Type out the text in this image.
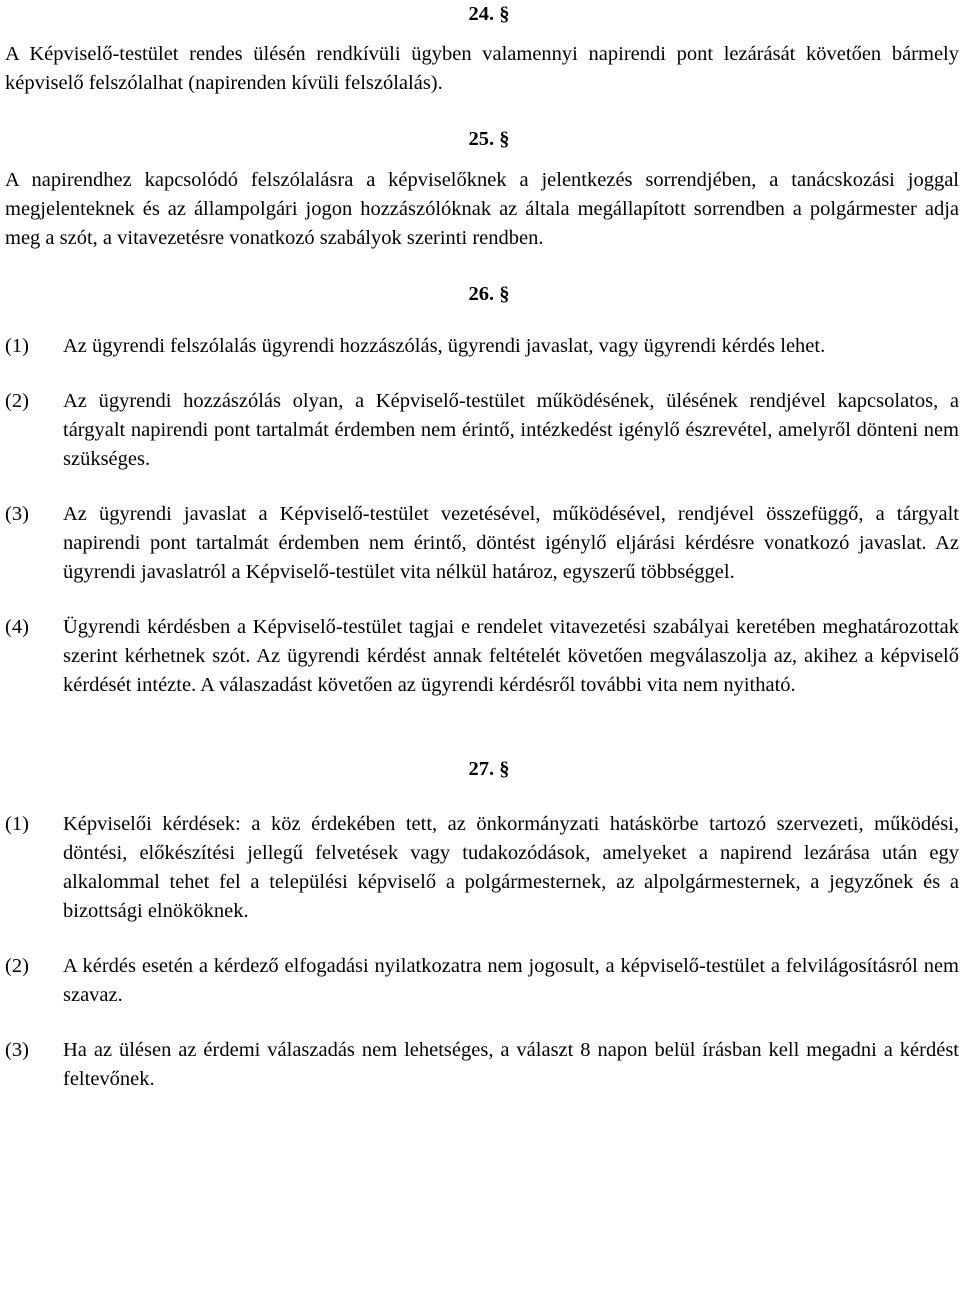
24. §

A Képviselő-testület rendes ülésén rendkívüli ügyben valamennyi napirendi pont lezárását követően bármely képviselő felszólalhat (napirenden kívüli felszólalás).

25. §

A napirendhez kapcsolódó felszólalásra a képviselőknek a jelentkezés sorrendjében, a tanácskozási joggal megjelenteknek és az állampolgári jogon hozzászólóknak az általa megállapított sorrendben a polgármester adja meg a szót, a vitavezetésre vonatkozó szabályok szerinti rendben.

26. §
(1)	Az ügyrendi felszólalás ügyrendi hozzászólás, ügyrendi javaslat, vagy ügyrendi kérdés lehet.
(2)	Az ügyrendi hozzászólás olyan, a Képviselő-testület működésének, ülésének rendjével kapcsolatos, a tárgyalt napirendi pont tartalmát érdemben nem érintő, intézkedést igénylő észrevétel, amelyről dönteni nem szükséges.
(3)	Az ügyrendi javaslat a Képviselő-testület vezetésével, működésével, rendjével összefüggő, a tárgyalt napirendi pont tartalmát érdemben nem érintő, döntést igénylő eljárási kérdésre vonatkozó javaslat. Az ügyrendi javaslatról a Képviselő-testület vita nélkül határoz, egyszerű többséggel.
(4)	Ügyrendi kérdésben a Képviselő-testület tagjai e rendelet vitavezetési szabályai keretében meghatározottak szerint kérhetnek szót. Az ügyrendi kérdést annak feltételét követően megválaszolja az, akihez a képviselő kérdését intézte. A válaszadást követően az ügyrendi kérdésről további vita nem nyitható.
27. §
(1)	Képviselői kérdések: a köz érdekében tett, az önkormányzati hatáskörbe tartozó szervezeti, működési, döntési, előkészítési jellegű felvetések vagy tudakozódások, amelyeket a napirend lezárása után egy alkalommal tehet fel a települési képviselő a polgármesternek, az alpolgármesternek, a jegyzőnek és a bizottsági elnököknek.
(2)	A kérdés esetén a kérdező elfogadási nyilatkozatra nem jogosult, a képviselő-testület a felvilágosításról nem szavaz.
(3)	Ha az ülésen az érdemi válaszadás nem lehetséges, a választ 8 napon belül írásban kell megadni a kérdést feltevőnek.
